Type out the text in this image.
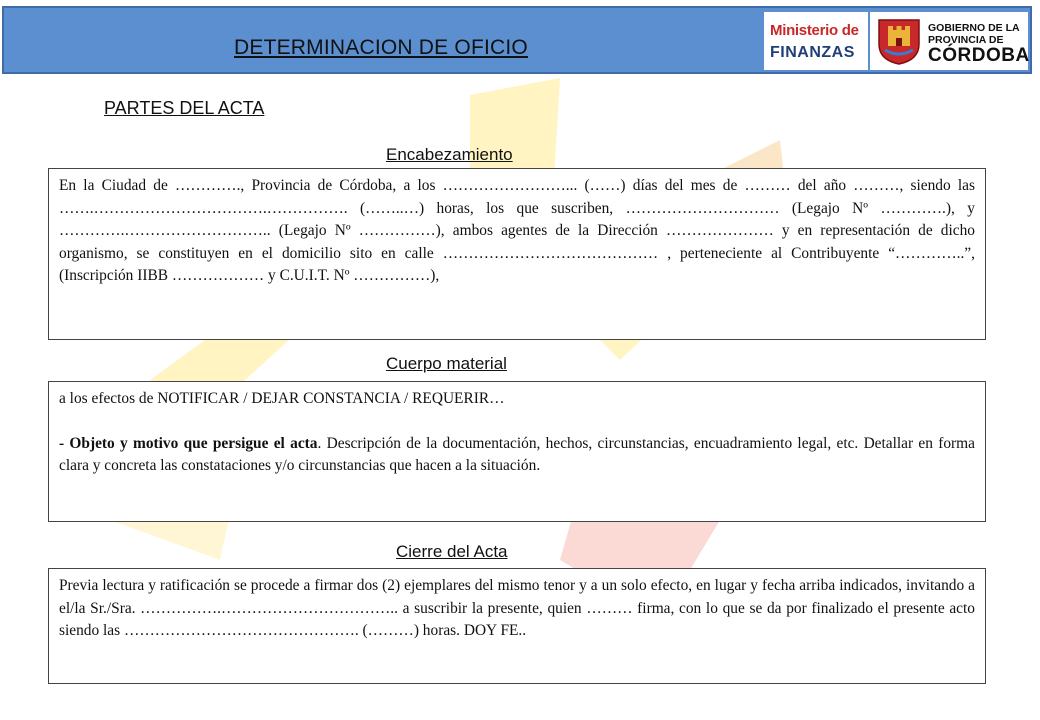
DETERMINACION DE OFICIO
Ministerio de
FINANZAS
GOBIERNO DE LA
PROVINCIA DE
CÓRDOBA
PARTES DEL ACTA
Encabezamiento

En la Ciudad de …………., Provincia de Córdoba, a los ……………………... (……) días del mes de ……… del año ………, siendo las …….…………………………….……………. (……..…) horas, los que suscriben, ………………………… (Legajo Nº ………….), y ………….……………………….. (Legajo Nº ……………), ambos agentes de la Dirección ………………… y en representación de dicho organismo, se constituyen en el domicilio sito en calle …………………………………… , perteneciente al Contribuyente “…………..”, (Inscripción IIBB ……………… y C.U.I.T. Nº ……………),

Cuerpo material

a los efectos de NOTIFICAR / DEJAR CONSTANCIA / REQUERIR…

- Objeto y motivo que persigue el acta. Descripción de la documentación, hechos, circunstancias, encuadramiento legal, etc. Detallar en forma clara y concreta las constataciones y/o circunstancias que hacen a la situación.

Cierre del Acta

Previa lectura y ratificación se procede a firmar dos (2) ejemplares del mismo tenor y a un solo efecto, en lugar y fecha arriba indicados, invitando a el/la Sr./Sra. …………….…………………………….. a suscribir la presente, quien ……… firma, con lo que se da por finalizado el presente acto siendo las ………………………………………. (………) horas. DOY FE..
